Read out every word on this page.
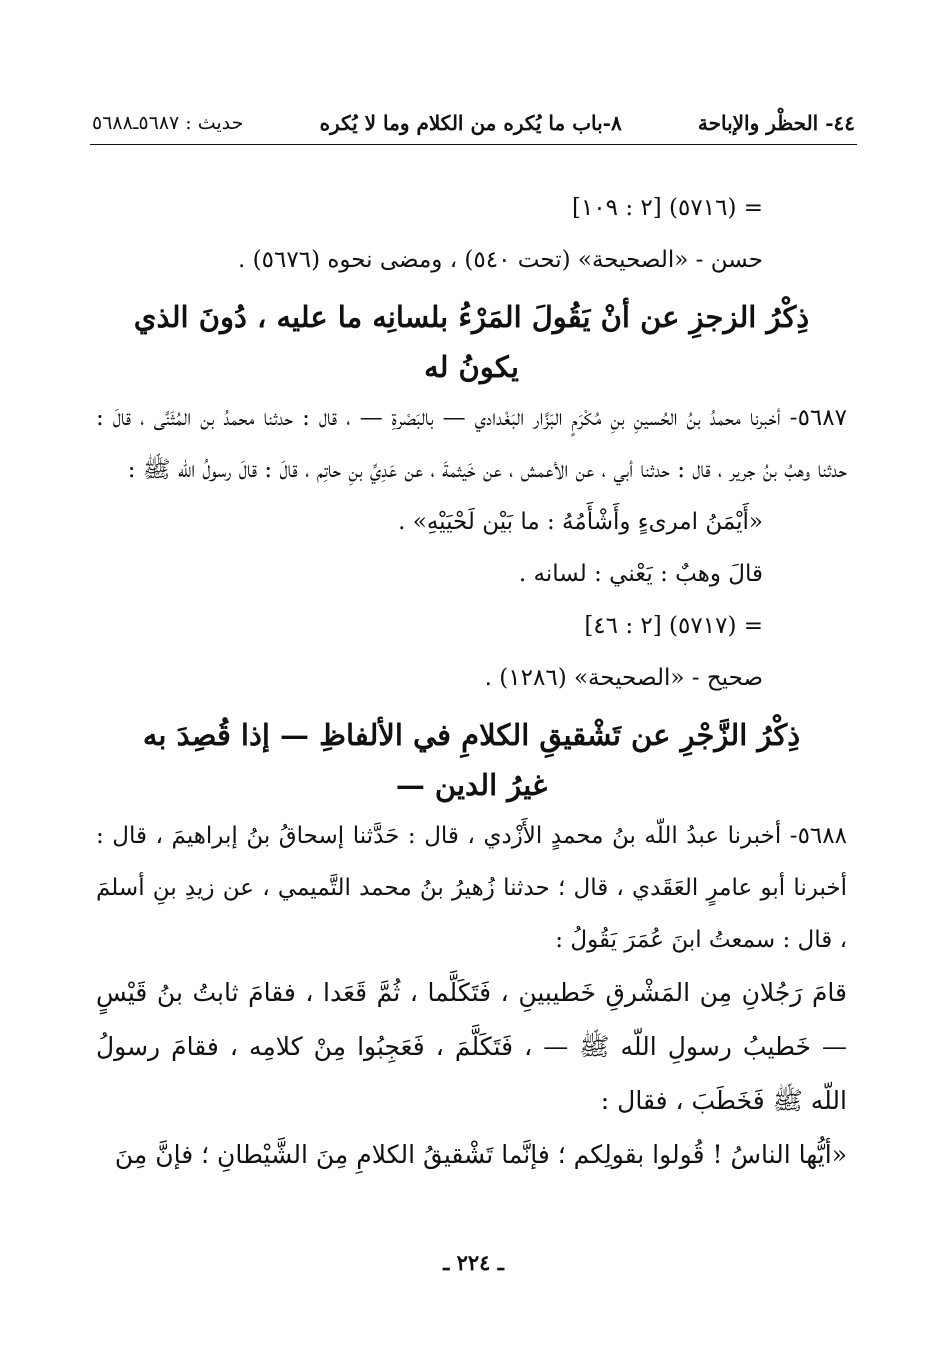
٤٤- الحظْر والإباحة
٨-باب ما يُكره من الكلام وما لا يُكره
حديث : ٥٦٨٧ـ٥٦٨٨

= (٥٧١٦) [٢ : ١٠٩]

حسن - «الصحيحة» (تحت ٥٤٠) ، ومضى نحوه (٥٦٧٦) .

ذِكْرُ الزجزِ عن أنْ يَقُولَ المَرْءُ بلسانِه ما عليه ، دُونَ الذي يكونُ له

٥٦٨٧- أخبرنا محمدُ بنُ الحُسينِ بنِ مُكْرَمٍ البَزَّار البَغْدادي — بالبَصْرةِ — ، قال : حدثنا محمدُ بن المُثَنَّى ، قالَ : حدثنا وهبُ بنُ جرير ، قال : حدثنا أبي ، عن الأعمش ، عن خَيثمةَ ، عن عَدِيِّ بنِ حاتِم ، قالَ : قالَ رسولُ اللّه ﷺ :

«أَيْمَنُ امرىءٍ وأَشْأَمُهُ : ما بَيْن لَحْيَيْهِ» .

قالَ وهبٌ : يَعْني : لسانه .

= (٥٧١٧) [٢ : ٤٦]

صحيح - «الصحيحة» (١٢٨٦) .

ذِكْرُ الزَّجْرِ عن تَشْقيقِ الكلامِ في الألفاظِ — إذا قُصِدَ به غيرُ الدين —

٥٦٨٨- أخبرنا عبدُ اللّه بنُ محمدٍ الأَزْدي ، قال : حَدَّثنا إسحاقُ بنُ إبراهيمَ ، قال : أخبرنا أبو عامرٍ العَقَدي ، قال ؛ حدثنا زُهيرُ بنُ محمد التَّميمي ، عن زيدِ بنِ أسلمَ ، قال : سمعتُ ابنَ عُمَرَ يَقُولُ :

قامَ رَجُلانِ مِن المَشْرقِ خَطيبينِ ، فَتَكَلَّما ، ثُمَّ قَعَدا ، فقامَ ثابتُ بنُ قَيْسٍ — خَطيبُ رسولِ اللّه ﷺ — ، فَتَكَلَّمَ ، فَعَجِبُوا مِنْ كلامِه ، فقامَ رسولُ اللّه ﷺ فَخَطَبَ ، فقال :

«أيُّها الناسُ ! قُولوا بقولِكم ؛ فإنَّما تَشْقيقُ الكلامِ مِنَ الشَّيْطانِ ؛ فإنَّ مِنَ

ـ ٢٢٤ ـ
